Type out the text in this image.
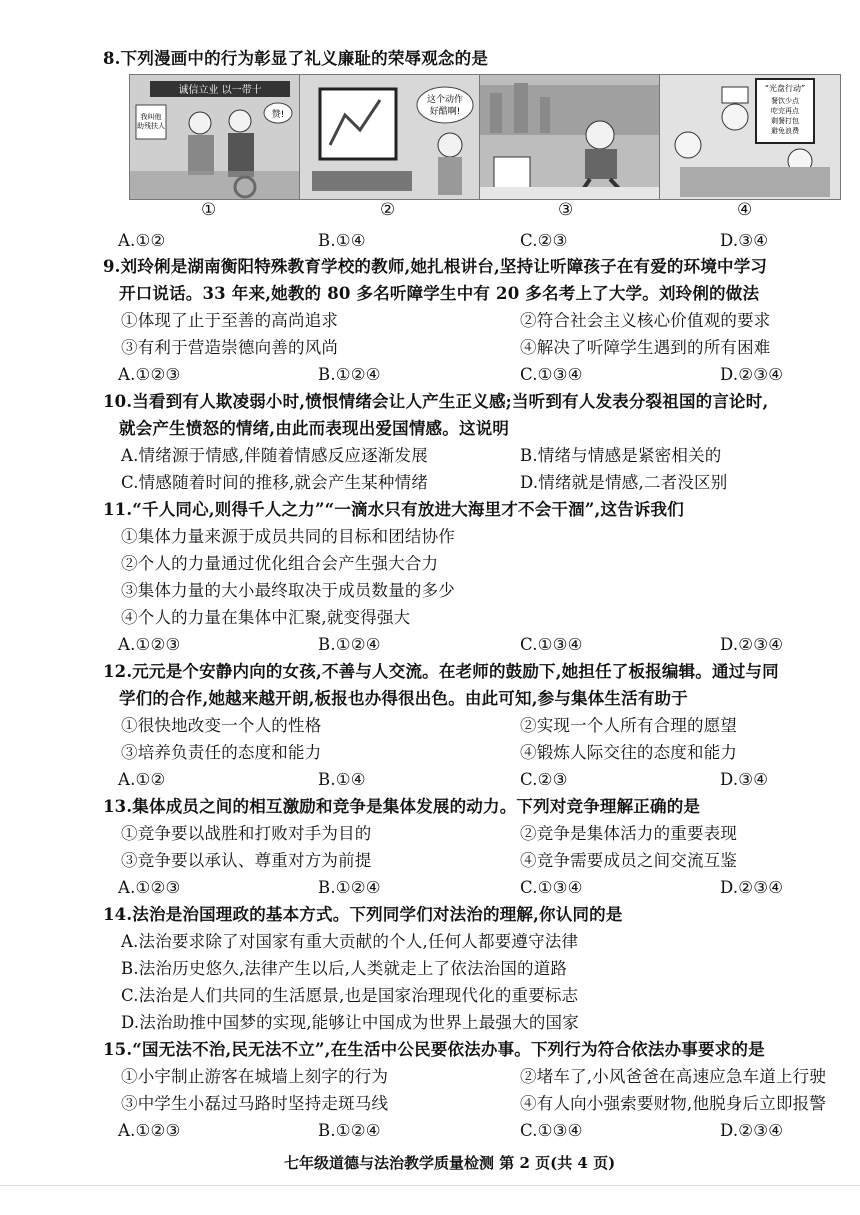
8.下列漫画中的行为彰显了礼义廉耻的荣辱观念的是
诚信立业 以一带十
我叫他
助残扶人
赞!
这个动作
好酷啊!
“光盘行动”
餐饮少点
吃完再点
剩餐打包
避免浪费
①	②	③	④
A.①②	B.①④	C.②③	D.③④
9.刘玲俐是湖南衡阳特殊教育学校的教师,她扎根讲台,坚持让听障孩子在有爱的环境中学习
开口说话。33 年来,她教的 80 多名听障学生中有 20 多名考上了大学。刘玲俐的做法
①体现了止于至善的高尚追求	②符合社会主义核心价值观的要求
③有利于营造崇德向善的风尚	④解决了听障学生遇到的所有困难
A.①②③	B.①②④	C.①③④	D.②③④
10.当看到有人欺凌弱小时,愤恨情绪会让人产生正义感;当听到有人发表分裂祖国的言论时,
就会产生愤怒的情绪,由此而表现出爱国情感。这说明
A.情绪源于情感,伴随着情感反应逐渐发展	B.情绪与情感是紧密相关的
C.情感随着时间的推移,就会产生某种情绪	D.情绪就是情感,二者没区别
11.“千人同心,则得千人之力”“一滴水只有放进大海里才不会干涸”,这告诉我们
①集体力量来源于成员共同的目标和团结协作
②个人的力量通过优化组合会产生强大合力
③集体力量的大小最终取决于成员数量的多少
④个人的力量在集体中汇聚,就变得强大
A.①②③	B.①②④	C.①③④	D.②③④
12.元元是个安静内向的女孩,不善与人交流。在老师的鼓励下,她担任了板报编辑。通过与同
学们的合作,她越来越开朗,板报也办得很出色。由此可知,参与集体生活有助于
①很快地改变一个人的性格	②实现一个人所有合理的愿望
③培养负责任的态度和能力	④锻炼人际交往的态度和能力
A.①②	B.①④	C.②③	D.③④
13.集体成员之间的相互激励和竞争是集体发展的动力。下列对竞争理解正确的是
①竞争要以战胜和打败对手为目的	②竞争是集体活力的重要表现
③竞争要以承认、尊重对方为前提	④竞争需要成员之间交流互鉴
A.①②③	B.①②④	C.①③④	D.②③④
14.法治是治国理政的基本方式。下列同学们对法治的理解,你认同的是
A.法治要求除了对国家有重大贡献的个人,任何人都要遵守法律
B.法治历史悠久,法律产生以后,人类就走上了依法治国的道路
C.法治是人们共同的生活愿景,也是国家治理现代化的重要标志
D.法治助推中国梦的实现,能够让中国成为世界上最强大的国家
15.“国无法不治,民无法不立”,在生活中公民要依法办事。下列行为符合依法办事要求的是
①小宇制止游客在城墙上刻字的行为	②堵车了,小风爸爸在高速应急车道上行驶
③中学生小磊过马路时坚持走斑马线	④有人向小强索要财物,他脱身后立即报警
A.①②③	B.①②④	C.①③④	D.②③④
七年级道德与法治教学质量检测 第 2 页(共 4 页)
